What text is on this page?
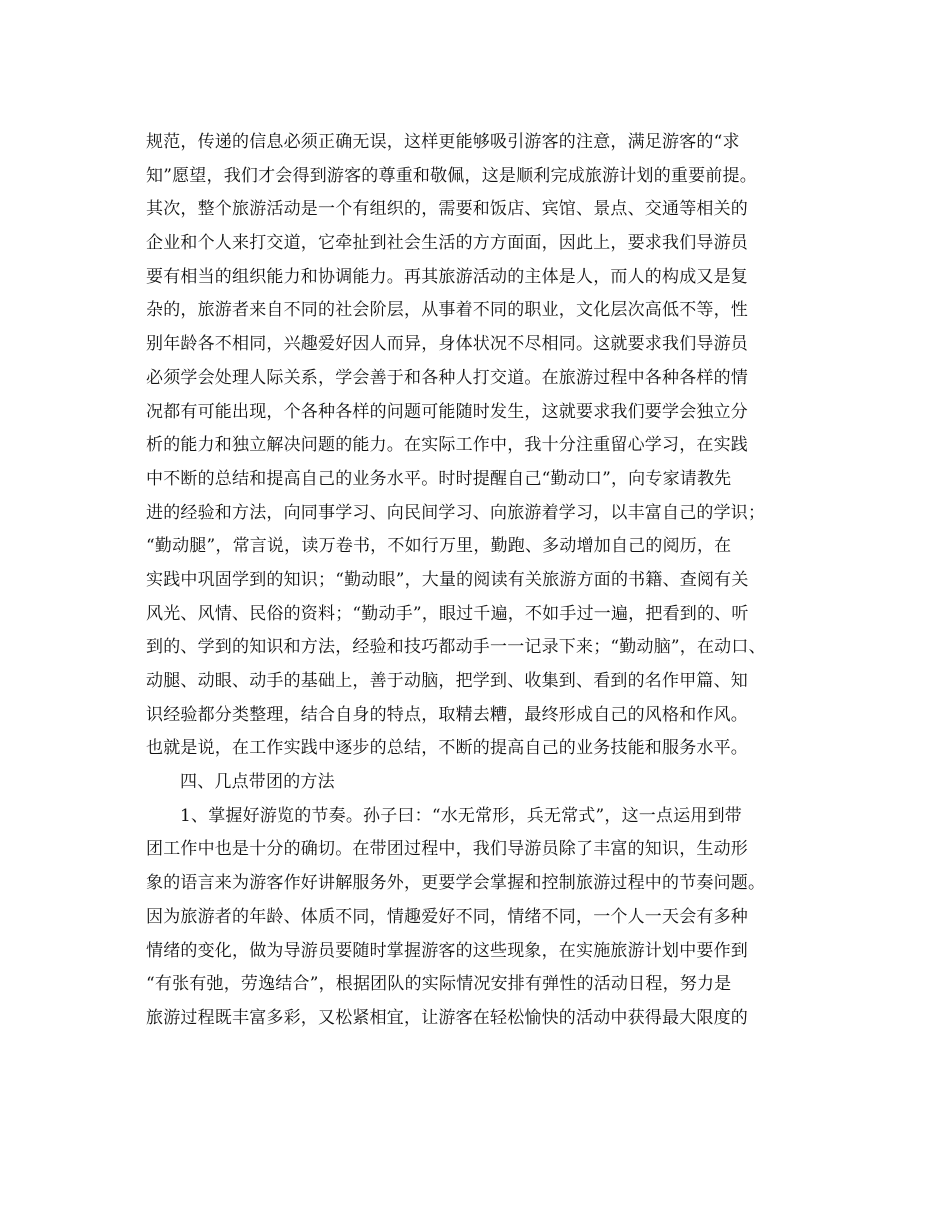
规范，传递的信息必须正确无误，这样更能够吸引游客的注意，满足游客的“求
知”愿望，我们才会得到游客的尊重和敬佩，这是顺利完成旅游计划的重要前提。
其次，整个旅游活动是一个有组织的，需要和饭店、宾馆、景点、交通等相关的
企业和个人来打交道，它牵扯到社会生活的方方面面，因此上，要求我们导游员
要有相当的组织能力和协调能力。再其旅游活动的主体是人，而人的构成又是复
杂的，旅游者来自不同的社会阶层，从事着不同的职业，文化层次高低不等，性
别年龄各不相同，兴趣爱好因人而异，身体状况不尽相同。这就要求我们导游员
必须学会处理人际关系，学会善于和各种人打交道。在旅游过程中各种各样的情
况都有可能出现，个各种各样的问题可能随时发生，这就要求我们要学会独立分
析的能力和独立解决问题的能力。在实际工作中，我十分注重留心学习，在实践
中不断的总结和提高自己的业务水平。时时提醒自己“勤动口”，向专家请教先
进的经验和方法，向同事学习、向民间学习、向旅游着学习，以丰富自己的学识；
“勤动腿”，常言说，读万卷书，不如行万里，勤跑、多动增加自己的阅历，在
实践中巩固学到的知识；“勤动眼”，大量的阅读有关旅游方面的书籍、查阅有关
风光、风情、民俗的资料；“勤动手”，眼过千遍，不如手过一遍，把看到的、听
到的、学到的知识和方法，经验和技巧都动手一一记录下来；“勤动脑”，在动口、
动腿、动眼、动手的基础上，善于动脑，把学到、收集到、看到的名作甲篇、知
识经验都分类整理，结合自身的特点，取精去糟，最终形成自己的风格和作风。
也就是说，在工作实践中逐步的总结，不断的提高自己的业务技能和服务水平。
四、几点带团的方法
1、掌握好游览的节奏。孙子曰：“水无常形，兵无常式”，这一点运用到带
团工作中也是十分的确切。在带团过程中，我们导游员除了丰富的知识，生动形
象的语言来为游客作好讲解服务外，更要学会掌握和控制旅游过程中的节奏问题。
因为旅游者的年龄、体质不同，情趣爱好不同，情绪不同，一个人一天会有多种
情绪的变化，做为导游员要随时掌握游客的这些现象，在实施旅游计划中要作到
“有张有弛，劳逸结合”，根据团队的实际情况安排有弹性的活动日程，努力是
旅游过程既丰富多彩，又松紧相宜，让游客在轻松愉快的活动中获得最大限度的
